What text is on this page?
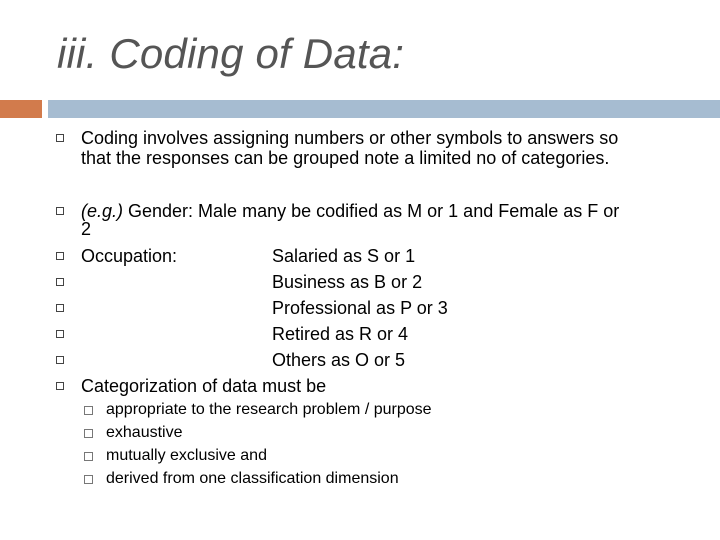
iii. Coding of Data:
Coding involves assigning numbers or other symbols to answers so
that the responses can be grouped note a limited no of categories.
(e.g.) Gender: Male many be codified as M or 1 and Female as F or
2
Occupation:	Salaried as S or 1
Business as B or 2
Professional as P or 3
Retired as R or 4
Others as O or 5
Categorization of data must be
appropriate to the research problem / purpose
exhaustive
mutually exclusive and
derived from one classification dimension
